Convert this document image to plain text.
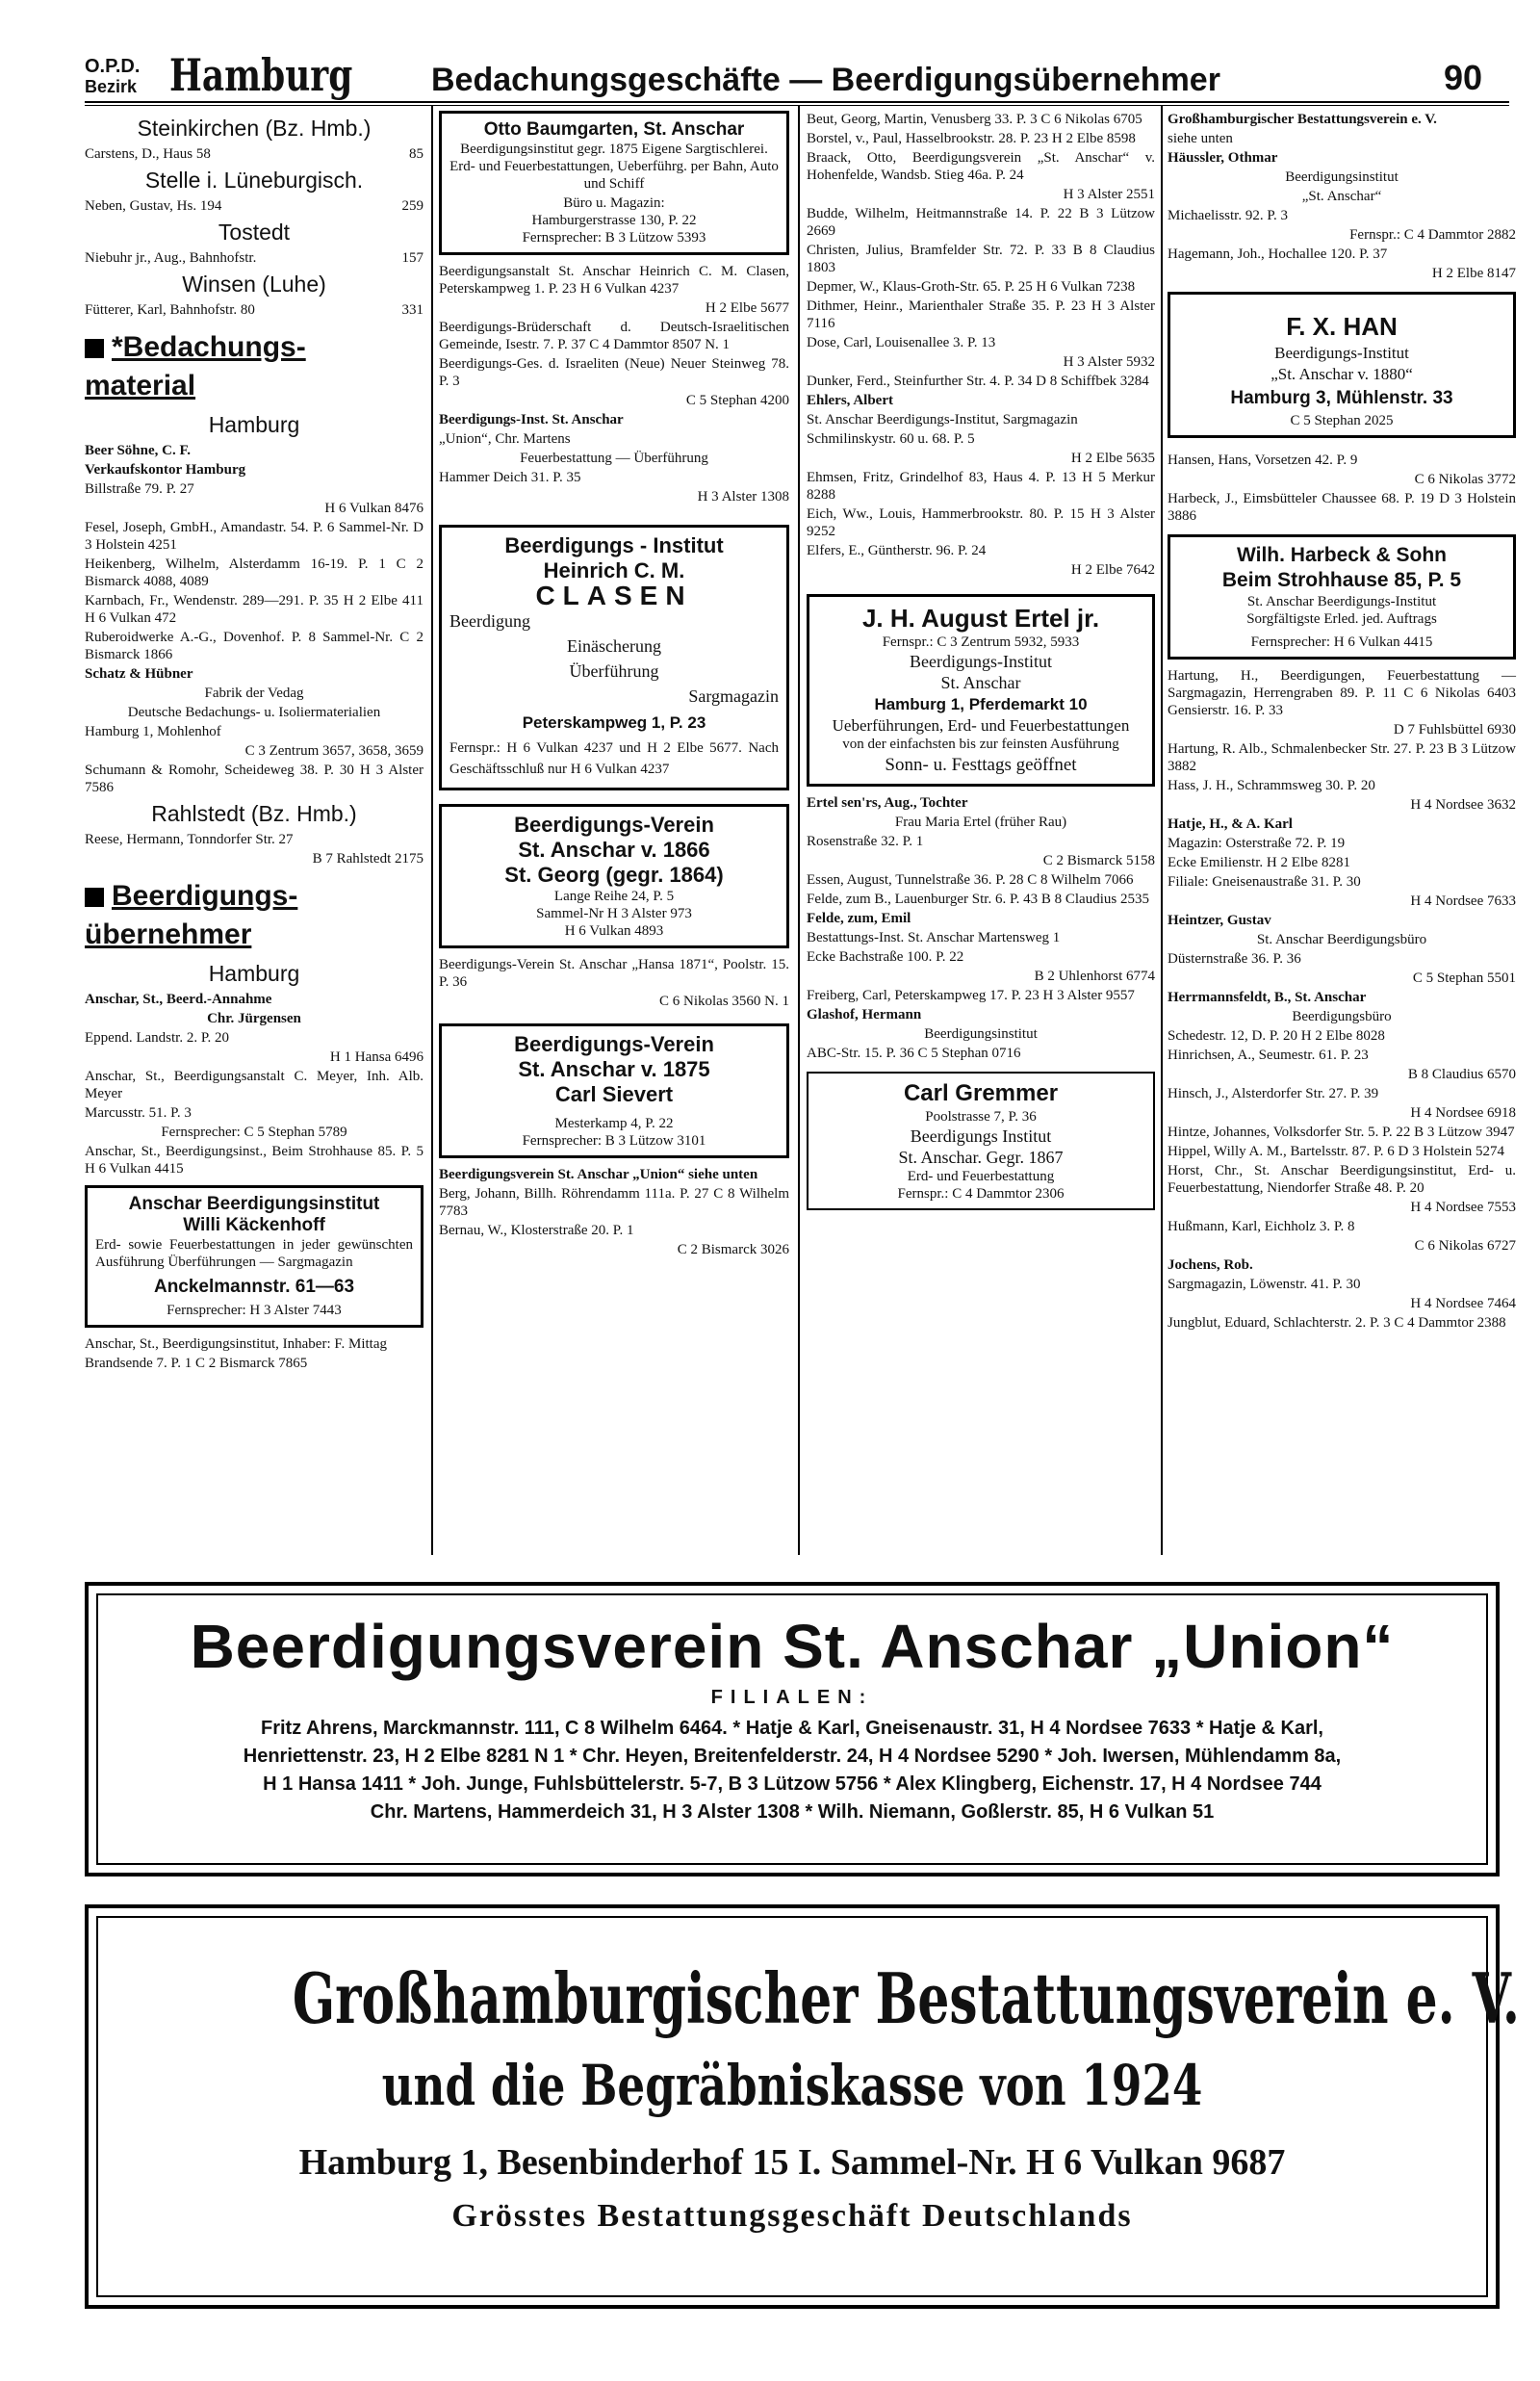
O.P.D.
Bezirk Hamburg Bedachungsgeschäfte — Beerdigungsübernehmer	90
Steinkirchen (Bz. Hmb.)
Carstens, D., Haus 58	85
Stelle i. Lüneburgisch.
Neben, Gustav, Hs. 194	259
Tostedt
Niebuhr jr., Aug., Bahnhofstr.	157
Winsen (Luhe)
Fütterer, Karl, Bahnhofstr. 80	331
*Bedachungs-
material
Hamburg
Beer Söhne, C. F.
Verkaufskontor Hamburg
Billstraße 79. P. 27
H 6 Vulkan 8476
Fesel, Joseph, GmbH., Amandastr. 54. P. 6 Sammel-Nr. D 3 Holstein 4251
Heikenberg, Wilhelm, Alsterdamm 16-19. P. 1 C 2 Bismarck 4088, 4089
Karnbach, Fr., Wendenstr. 289—291. P. 35 H 2 Elbe 411 H 6 Vulkan 472
Ruberoidwerke A.-G., Dovenhof. P. 8 Sammel-Nr. C 2 Bismarck 1866
Schatz & Hübner
Fabrik der Vedag
Deutsche Bedachungs- u. Isoliermaterialien
Hamburg 1, Mohlenhof
C 3 Zentrum 3657, 3658, 3659
Schumann & Romohr, Scheideweg 38. P. 30 H 3 Alster 7586
Rahlstedt (Bz. Hmb.)
Reese, Hermann, Tonndorfer Str. 27
B 7 Rahlstedt 2175
Beerdigungs-
übernehmer
Hamburg
Anschar, St., Beerd.-Annahme
Chr. Jürgensen
Eppend. Landstr. 2. P. 20
H 1 Hansa 6496
Anschar, St., Beerdigungsanstalt C. Meyer, Inh. Alb. Meyer
Marcusstr. 51. P. 3
Fernsprecher: C 5 Stephan 5789
Anschar, St., Beerdigungsinst., Beim Strohhause 85. P. 5 H 6 Vulkan 4415
Anschar Beerdigungsinstitut
Willi Käckenhoff
Erd- sowie Feuerbestattungen in jeder gewünschten Ausführung Überführungen — Sargmagazin
Anckelmannstr. 61—63
Fernsprecher: H 3 Alster 7443
Anschar, St., Beerdigungsinstitut, Inhaber: F. Mittag
Brandsende 7. P. 1 C 2 Bismarck 7865
Otto Baumgarten, St. Anschar
Beerdigungsinstitut gegr. 1875 Eigene Sargtischlerei. Erd- und Feuerbestattungen, Ueberführg. per Bahn, Auto und Schiff
Büro u. Magazin:
Hamburgerstrasse 130, P. 22
Fernsprecher: B 3 Lützow 5393
Beerdigungsanstalt St. Anschar Heinrich C. M. Clasen, Peterskampweg 1. P. 23 H 6 Vulkan 4237
H 2 Elbe 5677
Beerdigungs-Brüderschaft d. Deutsch-Israelitischen Gemeinde, Isestr. 7. P. 37 C 4 Dammtor 8507 N. 1
Beerdigungs-Ges. d. Israeliten (Neue) Neuer Steinweg 78. P. 3
C 5 Stephan 4200
Beerdigungs-Inst. St. Anschar
„Union“, Chr. Martens
Feuerbestattung — Überführung
Hammer Deich 31. P. 35
H 3 Alster 1308
Beerdigungs - Institut
Heinrich C. M.
CLASEN
Beerdigung
Einäscherung
Überführung
Sargmagazin
Peterskampweg 1, P. 23
Fernspr.: H 6 Vulkan 4237 und H 2 Elbe 5677. Nach Geschäftsschluß nur H 6 Vulkan 4237
Beerdigungs-Verein
St. Anschar v. 1866
St. Georg (gegr. 1864)
Lange Reihe 24, P. 5
Sammel-Nr H 3 Alster 973
H 6 Vulkan 4893
Beerdigungs-Verein St. Anschar „Hansa 1871“, Poolstr. 15. P. 36
C 6 Nikolas 3560 N. 1
Beerdigungs-Verein
St. Anschar v. 1875
Carl Sievert
Mesterkamp 4, P. 22
Fernsprecher: B 3 Lützow 3101
Beerdigungsverein St. Anschar „Union“ siehe unten
Berg, Johann, Billh. Röhrendamm 111a. P. 27 C 8 Wilhelm 7783
Bernau, W., Klosterstraße 20. P. 1
C 2 Bismarck 3026
Beut, Georg, Martin, Venusberg 33. P. 3 C 6 Nikolas 6705
Borstel, v., Paul, Hasselbrookstr. 28. P. 23 H 2 Elbe 8598
Braack, Otto, Beerdigungsverein „St. Anschar“ v. Hohenfelde, Wandsb. Stieg 46a. P. 24
H 3 Alster 2551
Budde, Wilhelm, Heitmannstraße 14. P. 22 B 3 Lützow 2669
Christen, Julius, Bramfelder Str. 72. P. 33 B 8 Claudius 1803
Depmer, W., Klaus-Groth-Str. 65. P. 25 H 6 Vulkan 7238
Dithmer, Heinr., Marienthaler Straße 35. P. 23 H 3 Alster 7116
Dose, Carl, Louisenallee 3. P. 13
H 3 Alster 5932
Dunker, Ferd., Steinfurther Str. 4. P. 34 D 8 Schiffbek 3284
Ehlers, Albert
St. Anschar Beerdigungs-Institut, Sargmagazin
Schmilinskystr. 60 u. 68. P. 5
H 2 Elbe 5635
Ehmsen, Fritz, Grindelhof 83, Haus 4. P. 13 H 5 Merkur 8288
Eich, Ww., Louis, Hammerbrookstr. 80. P. 15 H 3 Alster 9252
Elfers, E., Güntherstr. 96. P. 24
H 2 Elbe 7642
J. H. August Ertel jr.
Fernspr.: C 3 Zentrum 5932, 5933
Beerdigungs-Institut
St. Anschar
Hamburg 1, Pferdemarkt 10
Ueberführungen, Erd- und Feuerbestattungen
von der einfachsten bis zur feinsten Ausführung
Sonn- u. Festtags geöffnet
Ertel sen'rs, Aug., Tochter
Frau Maria Ertel (früher Rau)
Rosenstraße 32. P. 1
C 2 Bismarck 5158
Essen, August, Tunnelstraße 36. P. 28 C 8 Wilhelm 7066
Felde, zum B., Lauenburger Str. 6. P. 43 B 8 Claudius 2535
Felde, zum, Emil
Bestattungs-Inst. St. Anschar Martensweg 1
Ecke Bachstraße 100. P. 22
B 2 Uhlenhorst 6774
Freiberg, Carl, Peterskampweg 17. P. 23 H 3 Alster 9557
Glashof, Hermann
Beerdigungsinstitut
ABC-Str. 15. P. 36 C 5 Stephan 0716
Carl Gremmer
Poolstrasse 7, P. 36
Beerdigungs Institut
St. Anschar. Gegr. 1867
Erd- und Feuerbestattung
Fernspr.: C 4 Dammtor 2306
Großhamburgischer Bestattungsverein e. V.
siehe unten
Häussler, Othmar
Beerdigungsinstitut
„St. Anschar“
Michaelisstr. 92. P. 3
Fernspr.: C 4 Dammtor 2882
Hagemann, Joh., Hochallee 120. P. 37
H 2 Elbe 8147
F. X. HAN
Beerdigungs-Institut
„St. Anschar v. 1880“
Hamburg 3, Mühlenstr. 33
C 5 Stephan 2025
Hansen, Hans, Vorsetzen 42. P. 9
C 6 Nikolas 3772
Harbeck, J., Eimsbütteler Chaussee 68. P. 19 D 3 Holstein 3886
Wilh. Harbeck & Sohn
Beim Strohhause 85, P. 5
St. Anschar Beerdigungs-Institut
Sorgfältigste Erled. jed. Auftrags
Fernsprecher: H 6 Vulkan 4415
Hartung, H., Beerdigungen, Feuerbestattung — Sargmagazin, Herrengraben 89. P. 11 C 6 Nikolas 6403 Gensierstr. 16. P. 33
D 7 Fuhlsbüttel 6930
Hartung, R. Alb., Schmalenbecker Str. 27. P. 23 B 3 Lützow 3882
Hass, J. H., Schrammsweg 30. P. 20
H 4 Nordsee 3632
Hatje, H., & A. Karl
Magazin: Osterstraße 72. P. 19
Ecke Emilienstr. H 2 Elbe 8281
Filiale: Gneisenaustraße 31. P. 30
H 4 Nordsee 7633
Heintzer, Gustav
St. Anschar Beerdigungsbüro
Düsternstraße 36. P. 36
C 5 Stephan 5501
Herrmannsfeldt, B., St. Anschar
Beerdigungsbüro
Schedestr. 12, D. P. 20 H 2 Elbe 8028
Hinrichsen, A., Seumestr. 61. P. 23
B 8 Claudius 6570
Hinsch, J., Alsterdorfer Str. 27. P. 39
H 4 Nordsee 6918
Hintze, Johannes, Volksdorfer Str. 5. P. 22 B 3 Lützow 3947
Hippel, Willy A. M., Bartelsstr. 87. P. 6 D 3 Holstein 5274
Horst, Chr., St. Anschar Beerdigungsinstitut, Erd- u. Feuerbestattung, Niendorfer Straße 48. P. 20
H 4 Nordsee 7553
Hußmann, Karl, Eichholz 3. P. 8
C 6 Nikolas 6727
Jochens, Rob.
Sargmagazin, Löwenstr. 41. P. 30
H 4 Nordsee 7464
Jungblut, Eduard, Schlachterstr. 2. P. 3 C 4 Dammtor 2388
Beerdigungsverein St. Anschar „Union“
FILIALEN:
Fritz Ahrens, Marckmannstr. 111, C 8 Wilhelm 6464. * Hatje & Karl, Gneisenaustr. 31, H 4 Nordsee 7633 * Hatje & Karl,
Henriettenstr. 23, H 2 Elbe 8281 N 1 * Chr. Heyen, Breitenfelderstr. 24, H 4 Nordsee 5290 * Joh. Iwersen, Mühlendamm 8a,
H 1 Hansa 1411 * Joh. Junge, Fuhlsbüttelerstr. 5-7, B 3 Lützow 5756 * Alex Klingberg, Eichenstr. 17, H 4 Nordsee 744
Chr. Martens, Hammerdeich 31, H 3 Alster 1308 * Wilh. Niemann, Goßlerstr. 85, H 6 Vulkan 51
Großhamburgischer Bestattungsverein e. V.
und die Begräbniskasse von 1924
Hamburg 1, Besenbinderhof 15 I. Sammel-Nr. H 6 Vulkan 9687
Grösstes Bestattungsgeschäft Deutschlands
